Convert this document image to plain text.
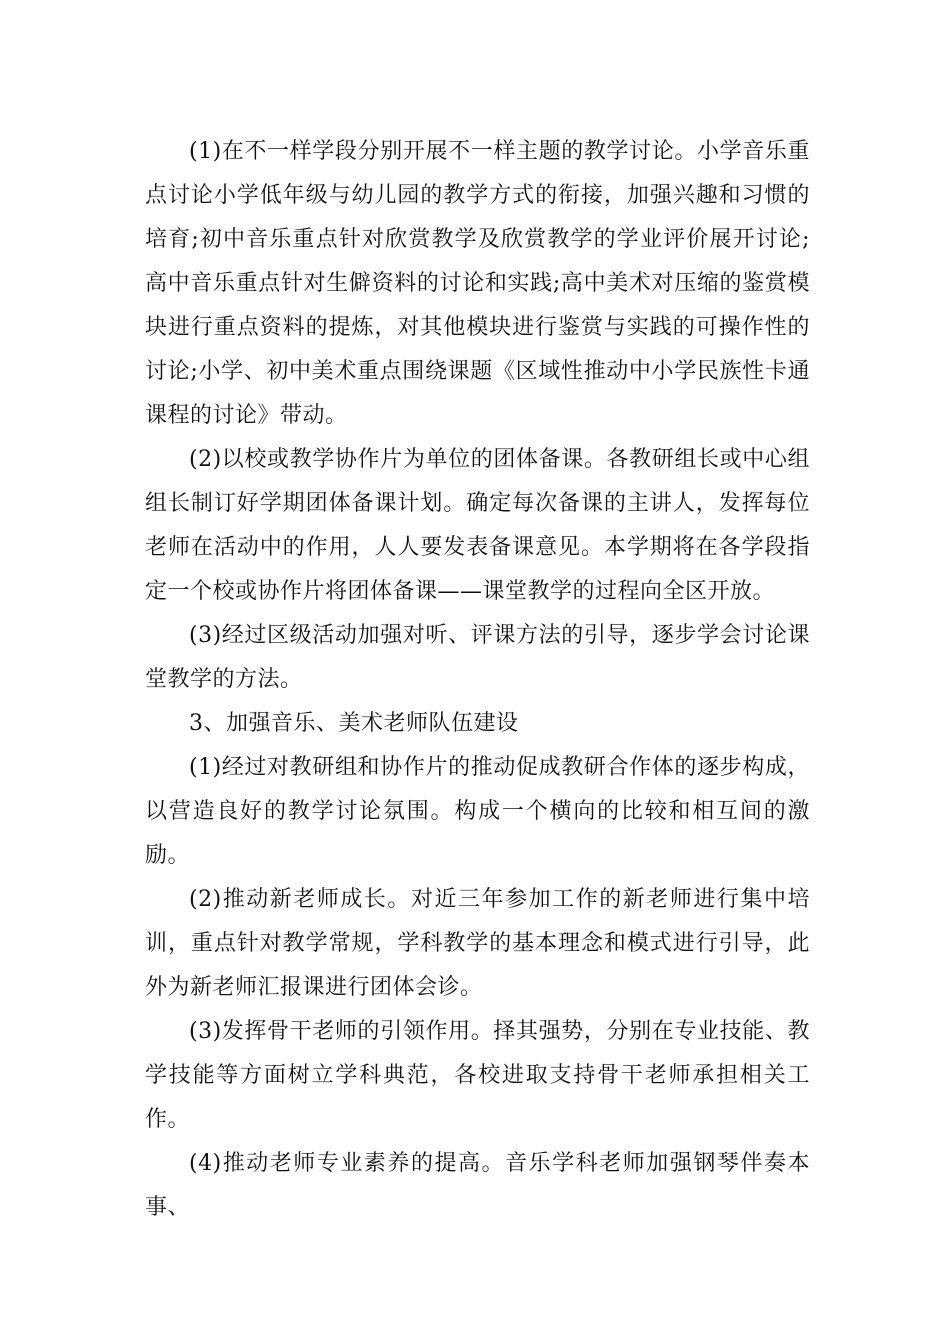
(1)在不一样学段分别开展不一样主题的教学讨论。小学音乐重点讨论小学低年级与幼儿园的教学方式的衔接，加强兴趣和习惯的培育;初中音乐重点针对欣赏教学及欣赏教学的学业评价展开讨论;高中音乐重点针对生僻资料的讨论和实践;高中美术对压缩的鉴赏模块进行重点资料的提炼，对其他模块进行鉴赏与实践的可操作性的讨论;小学、初中美术重点围绕课题《区域性推动中小学民族性卡通课程的讨论》带动。

(2)以校或教学协作片为单位的团体备课。各教研组长或中心组组长制订好学期团体备课计划。确定每次备课的主讲人，发挥每位老师在活动中的作用，人人要发表备课意见。本学期将在各学段指定一个校或协作片将团体备课——课堂教学的过程向全区开放。

(3)经过区级活动加强对听、评课方法的引导，逐步学会讨论课堂教学的方法。

3、加强音乐、美术老师队伍建设

(1)经过对教研组和协作片的推动促成教研合作体的逐步构成，以营造良好的教学讨论氛围。构成一个横向的比较和相互间的激励。

(2)推动新老师成长。对近三年参加工作的新老师进行集中培训，重点针对教学常规，学科教学的基本理念和模式进行引导，此外为新老师汇报课进行团体会诊。

(3)发挥骨干老师的引领作用。择其强势，分别在专业技能、教学技能等方面树立学科典范，各校进取支持骨干老师承担相关工作。

(4)推动老师专业素养的提高。音乐学科老师加强钢琴伴奏本事、
